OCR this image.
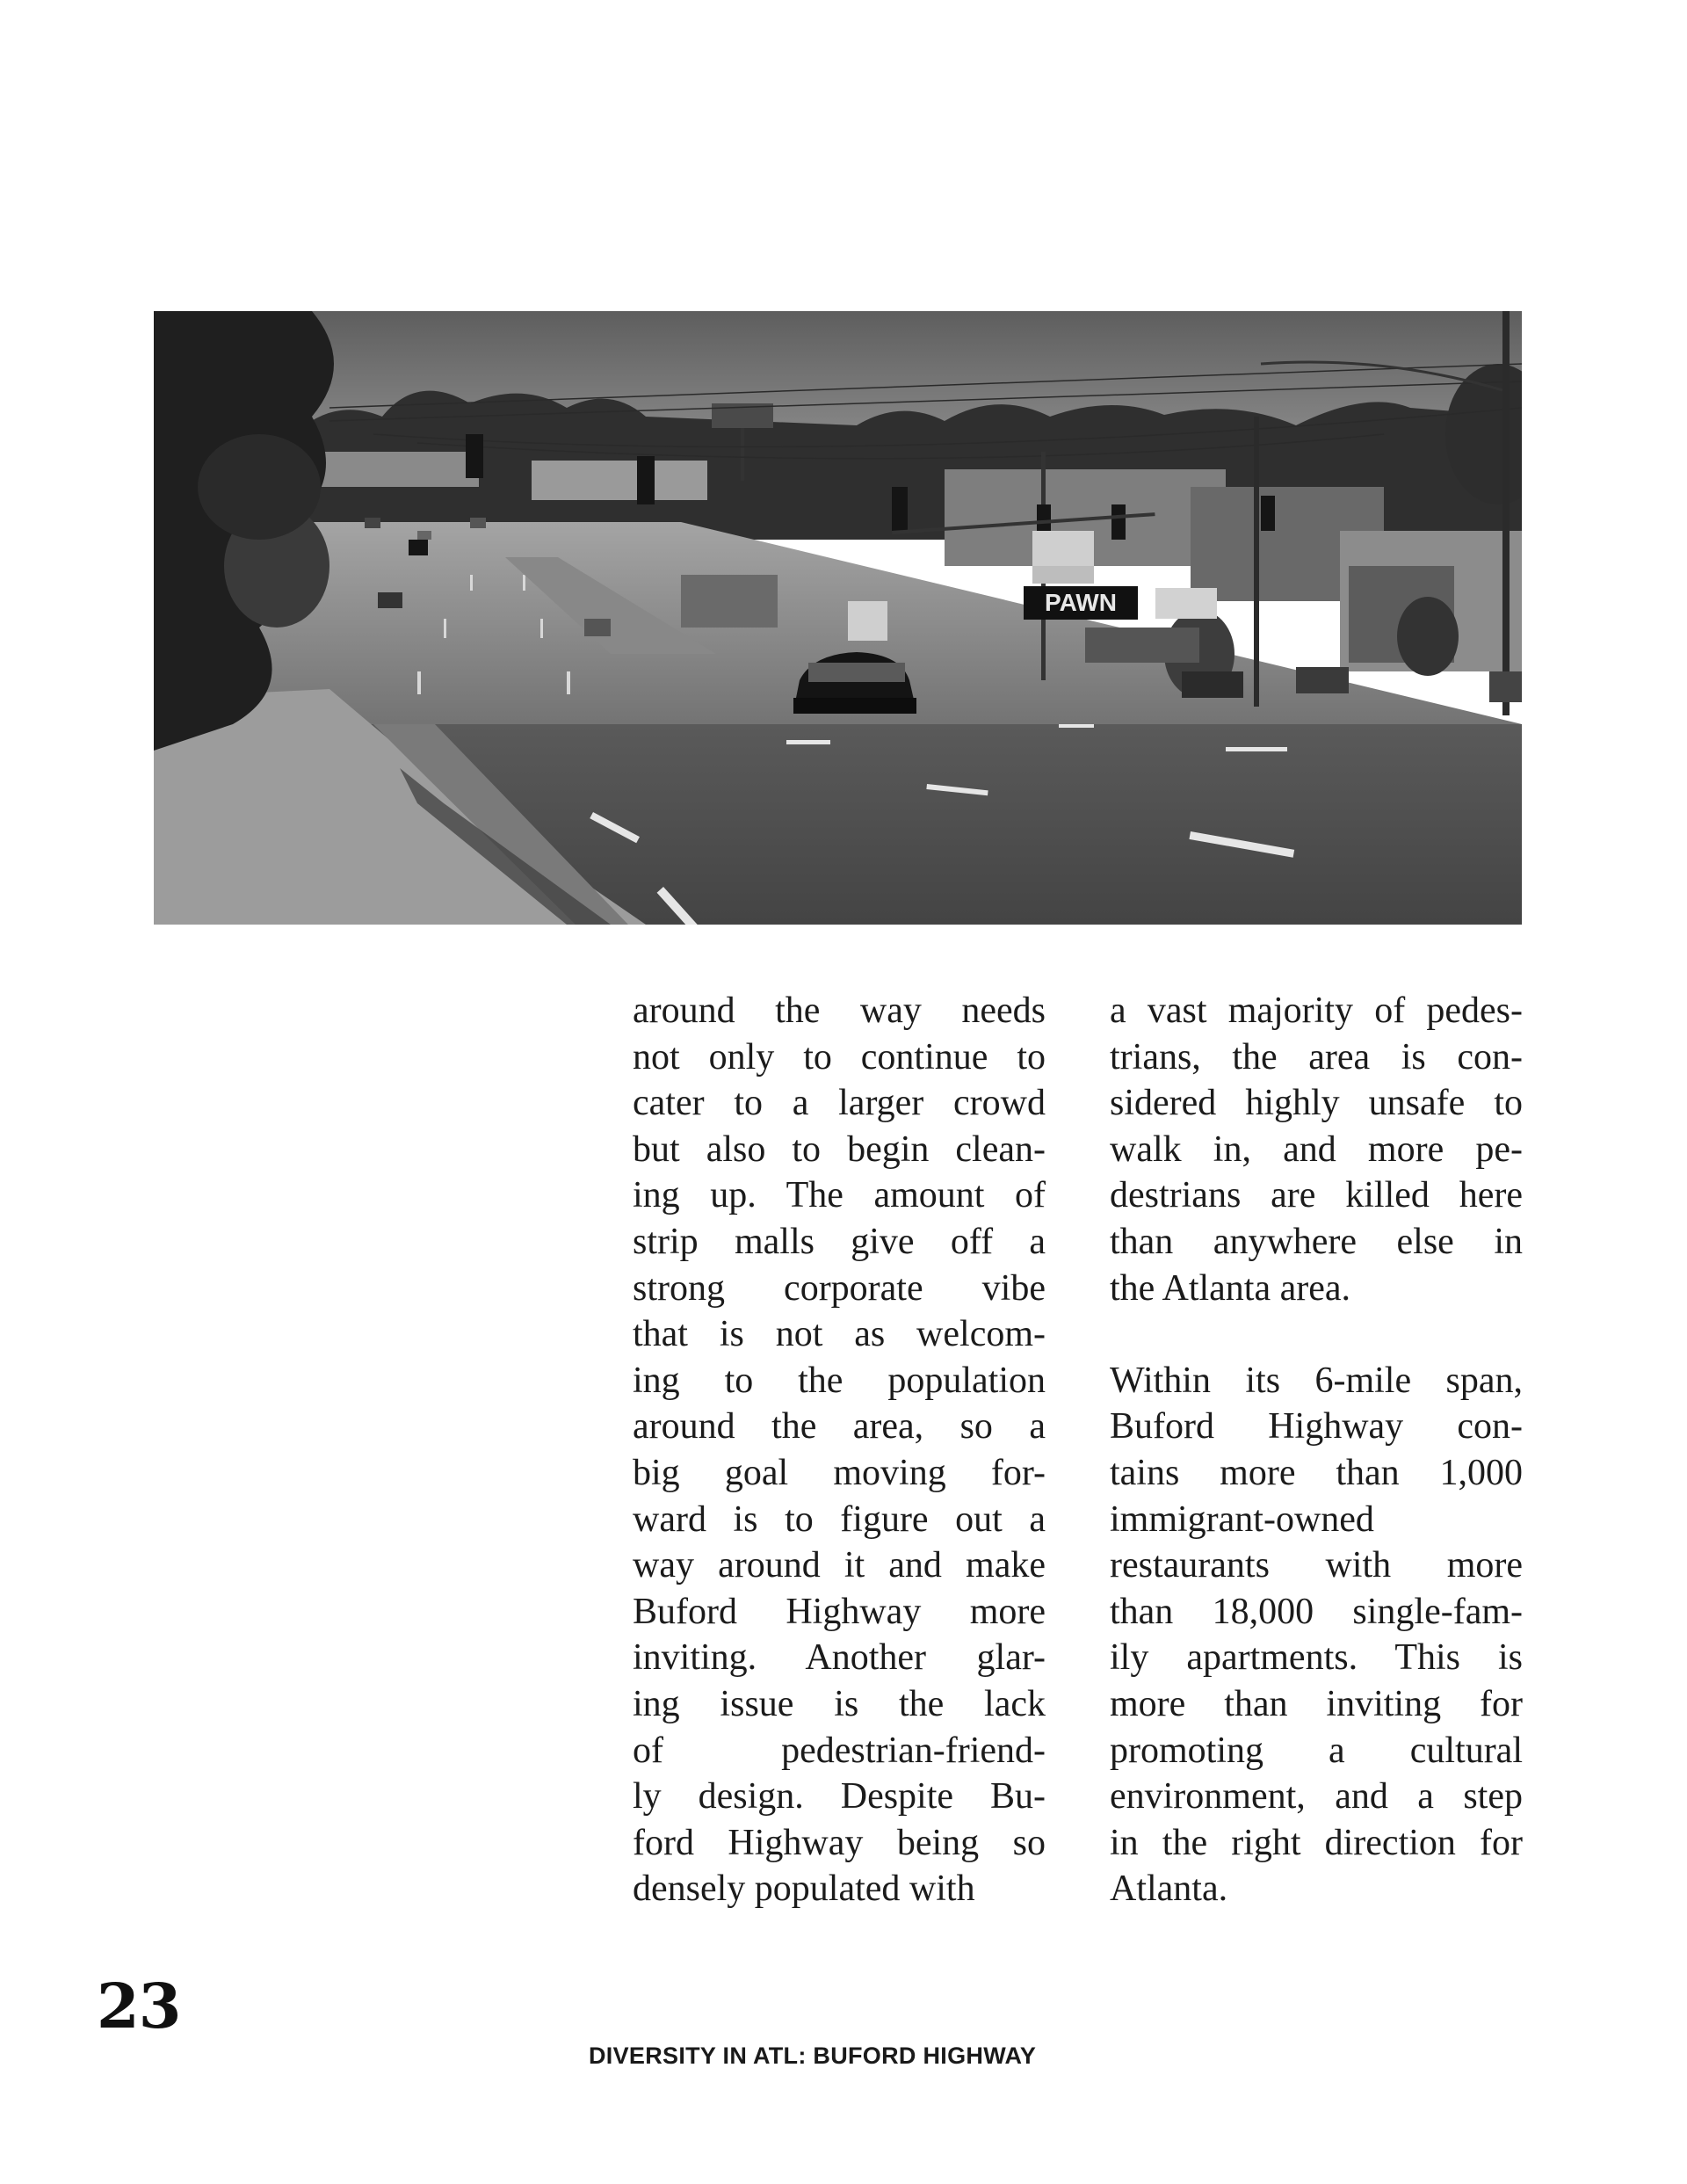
PAWN

around the way needs
not only to continue to
cater to a larger crowd
but also to begin clean-
ing up. The amount of
strip malls give off a
strong corporate vibe
that is not as welcom-
ing to the population
around the area, so a
big goal moving for-
ward is to figure out a
way around it and make
Buford Highway more
inviting. Another glar-
ing issue is the lack
of pedestrian-friend-
ly design. Despite Bu-
ford Highway being so
densely populated with

a vast majority of pedes-
trians, the area is con-
sidered highly unsafe to
walk in, and more pe-
destrians are killed here
than anywhere else in
the Atlanta area.

Within its 6-mile span,
Buford Highway con-
tains more than 1,000
immigrant-owned
restaurants with more
than 18,000 single-fam-
ily apartments. This is
more than inviting for
promoting a cultural
environment, and a step
in the right direction for
Atlanta.

23
DIVERSITY IN ATL: BUFORD HIGHWAY
